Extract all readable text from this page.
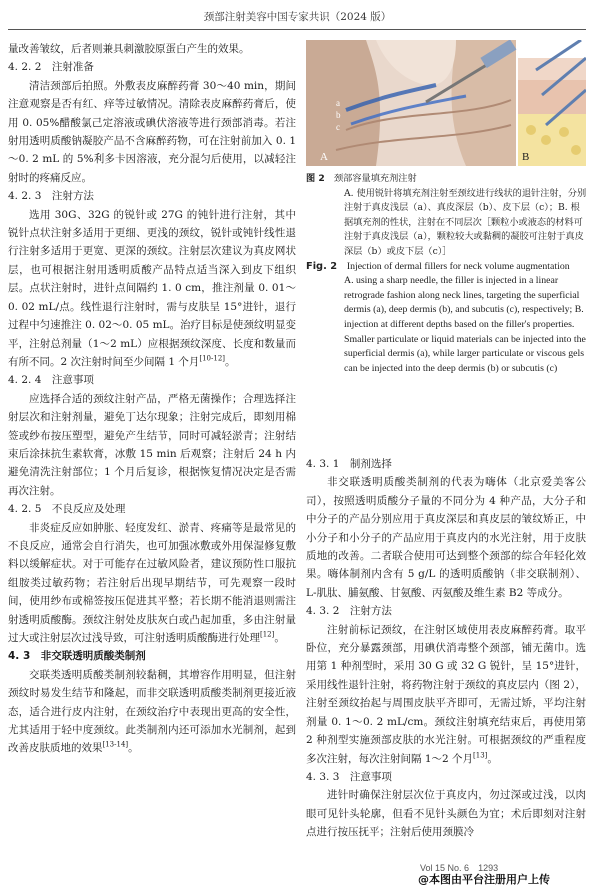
颈部注射美容中国专家共识（2024 版）

量改善皱纹，后者则兼具刺激胶原蛋白产生的效果。

4. 2. 2　注射准备

清洁颈部后拍照。外敷表皮麻醉药膏 30～40 min，期间注意观察是否有红、痒等过敏情况。清除表皮麻醉药膏后，使用 0. 05%醋酸氯己定溶液或碘伏溶液等进行颈部消毒。若注射用透明质酸钠凝胶产品不含麻醉药物，可在注射前加入 0. 1～0. 2 mL 的 5%利多卡因溶液，充分混匀后使用，以减轻注射时的疼痛反应。

4. 2. 3　注射方法

选用 30G、32G 的锐针或 27G 的钝针进行注射，其中锐针点状注射多适用于更细、更浅的颈纹，锐针或钝针线性退行注射多适用于更宽、更深的颈纹。注射层次建议为真皮网状层，也可根据注射用透明质酸产品特点适当深入到皮下组织层。点状注射时，进针点间隔约 1. 0 cm，推注剂量 0. 01～0. 02 mL/点。线性退行注射时，需与皮肤呈 15°进针，退行过程中匀速推注 0. 02～0. 05 mL。治疗目标是使颈纹明显变平，注射总剂量（1～2 mL）应根据颈纹深度、长度和数量而有所不同。2 次注射时间至少间隔 1 个月[10-12]。

4. 2. 4　注意事项

应选择合适的颈纹注射产品，严格无菌操作；合理选择注射层次和注射剂量，避免丁达尔现象；注射完成后，即刻用棉签或纱布按压塑型，避免产生结节，同时可减轻淤青；注射结束后涂抹抗生素软膏，冰敷 15 min 后观察；注射后 24 h 内避免清洗注射部位；1 个月后复诊，根据恢复情况决定是否需再次注射。

4. 2. 5　不良反应及处理

非炎症反应如肿胀、轻度发红、淤青、疼痛等是最常见的不良反应，通常会自行消失，也可加强冰敷或外用保湿修复敷料以缓解症状。对于可能存在过敏风险者，建议预防性口服抗组胺类过敏药物；若注射后出现早期结节，可先观察一段时间，使用纱布或棉签按压促进其平整；若长期不能消退则需注射透明质酸酶。颈纹注射处皮肤灰白或凸起加重，多由注射量过大或注射层次过浅导致，可注射透明质酸酶进行处理[12]。

4. 3　非交联透明质酸类制剂

交联类透明质酸类制剂较黏稠，其增容作用明显，但注射颈纹时易发生结节和隆起，而非交联透明质酸类制剂更接近液态，适合进行皮内注射，在颈纹治疗中表现出更高的安全性，尤其适用于轻中度颈纹。此类制剂内还可添加水光制剂，起到改善皮肤质地的效果[13-14]。

a
b
c
A	B
图 2　 颈部容量填充剂注射
A. 使用锐针将填充剂注射至颈纹进行线状的退针注射，分别注射于真皮浅层（a）、真皮深层（b）、皮下层（c）；B. 根据填充剂的性状，注射在不同层次［颗粒小或液态的材料可注射于真皮浅层（a），颗粒较大或黏稠的凝胶可注射于真皮深层（b）或皮下层（c）］
Fig. 2　 Injection of dermal fillers for neck volume augmentation
A. using a sharp needle, the filler is injected in a linear retrograde fashion along neck lines, targeting the superficial dermis (a), deep dermis (b), and subcutis (c), respectively; B. injection at different depths based on the filler's properties. Smaller particulate or liquid materials can be injected into the superficial dermis (a), while larger particulate or viscous gels can be injected into the deep dermis (b) or subcutis (c)
4. 3. 1　制剂选择

非交联透明质酸类制剂的代表为嗨体（北京爱美客公司），按照透明质酸分子量的不同分为 4 种产品，大分子和中分子的产品分别应用于真皮深层和真皮层的皱纹矫正，中小分子和小分子的产品应用于真皮内的水光注射，用于皮肤质地的改善。二者联合使用可达到整个颈部的综合年轻化效果。嗨体制剂内含有 5 g/L 的透明质酸钠（非交联制剂）、L-肌肽、脯氨酸、甘氨酸、丙氨酸及维生素 B2 等成分。

4. 3. 2　注射方法

注射前标记颈纹，在注射区域使用表皮麻醉药膏。取平卧位，充分暴露颈部，用碘伏消毒整个颈部，铺无菌巾。选用第 1 种剂型时，采用 30 G 或 32 G 锐针，呈 15°进针，采用线性退针注射，将药物注射于颈纹的真皮层内（图 2），注射至颈纹抬起与周围皮肤平齐即可，无需过矫，平均注射剂量 0. 1～0. 2 mL/cm。颈纹注射填充结束后，再使用第 2 种剂型实施颈部皮肤的水光注射。可根据颈纹的严重程度多次注射，每次注射间隔 1～2 个月[13]。

4. 3. 3　注意事项

进针时确保注射层次位于真皮内，勿过深或过浅，以肉眼可见针头轮廓，但看不见针头颜色为宜；术后即刻对注射点进行按压抚平；注射后使用颈膜冷

Vol 15 No. 6　 1293
@本图由平台注册用户上传
